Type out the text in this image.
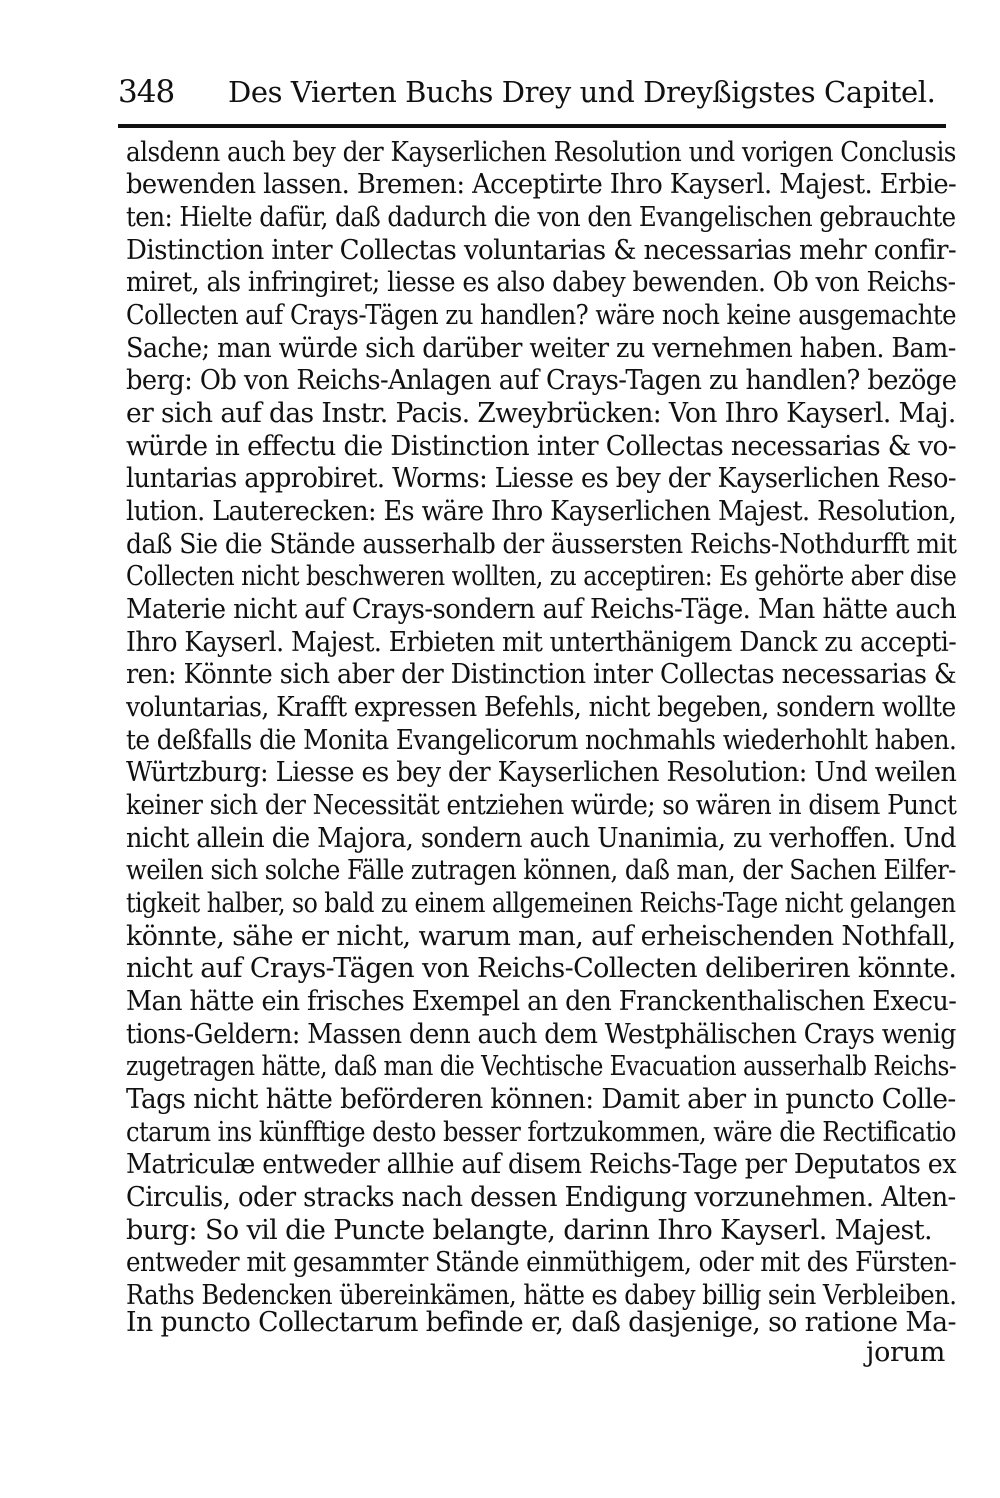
348 Des Vierten Buchs Drey und Dreyßigstes Capitel.
alsdenn auch bey der Kayserlichen Resolution und vorigen Conclusis
bewenden lassen. Bremen: Acceptirte Ihro Kayserl. Majest. Erbie-
ten: Hielte dafür, daß dadurch die von den Evangelischen gebrauchte
Distinction inter Collectas voluntarias & necessarias mehr confir-
miret, als infringiret; liesse es also dabey bewenden. Ob von Reichs-
Collecten auf Crays-Tägen zu handlen? wäre noch keine ausgemachte
Sache; man würde sich darüber weiter zu vernehmen haben. Bam-
berg: Ob von Reichs-Anlagen auf Crays-Tagen zu handlen? bezöge
er sich auf das Instr. Pacis. Zweybrücken: Von Ihro Kayserl. Maj.
würde in effectu die Distinction inter Collectas necessarias & vo-
luntarias approbiret. Worms: Liesse es bey der Kayserlichen Reso-
lution. Lauterecken: Es wäre Ihro Kayserlichen Majest. Resolution,
daß Sie die Stände ausserhalb der äussersten Reichs-Nothdurfft mit
Collecten nicht beschweren wollten, zu acceptiren: Es gehörte aber dise
Materie nicht auf Crays-sondern auf Reichs-Täge. Man hätte auch
Ihro Kayserl. Majest. Erbieten mit unterthänigem Danck zu accepti-
ren: Könnte sich aber der Distinction inter Collectas necessarias &
voluntarias, Krafft expressen Befehls, nicht begeben, sondern wollte
te deßfalls die Monita Evangelicorum nochmahls wiederhohlt haben.
Würtzburg: Liesse es bey der Kayserlichen Resolution: Und weilen
keiner sich der Necessität entziehen würde; so wären in disem Punct
nicht allein die Majora, sondern auch Unanimia, zu verhoffen. Und
weilen sich solche Fälle zutragen können, daß man, der Sachen Eilfer-
tigkeit halber, so bald zu einem allgemeinen Reichs-Tage nicht gelangen
könnte, sähe er nicht, warum man, auf erheischenden Nothfall,
nicht auf Crays-Tägen von Reichs-Collecten deliberiren könnte.
Man hätte ein frisches Exempel an den Franckenthalischen Execu-
tions-Geldern: Massen denn auch dem Westphälischen Crays wenig
zugetragen hätte, daß man die Vechtische Evacuation ausserhalb Reichs-
Tags nicht hätte beförderen können: Damit aber in puncto Colle-
ctarum ins künfftige desto besser fortzukommen, wäre die Rectificatio
Matriculæ entweder allhie auf disem Reichs-Tage per Deputatos ex
Circulis, oder stracks nach dessen Endigung vorzunehmen. Alten-
burg: So vil die Puncte belangte, darinn Ihro Kayserl. Majest.
entweder mit gesammter Stände einmüthigem, oder mit des Fürsten-
Raths Bedencken übereinkämen, hätte es dabey billig sein Verbleiben.
In puncto Collectarum befinde er, daß dasjenige, so ratione Ma-
jorum
